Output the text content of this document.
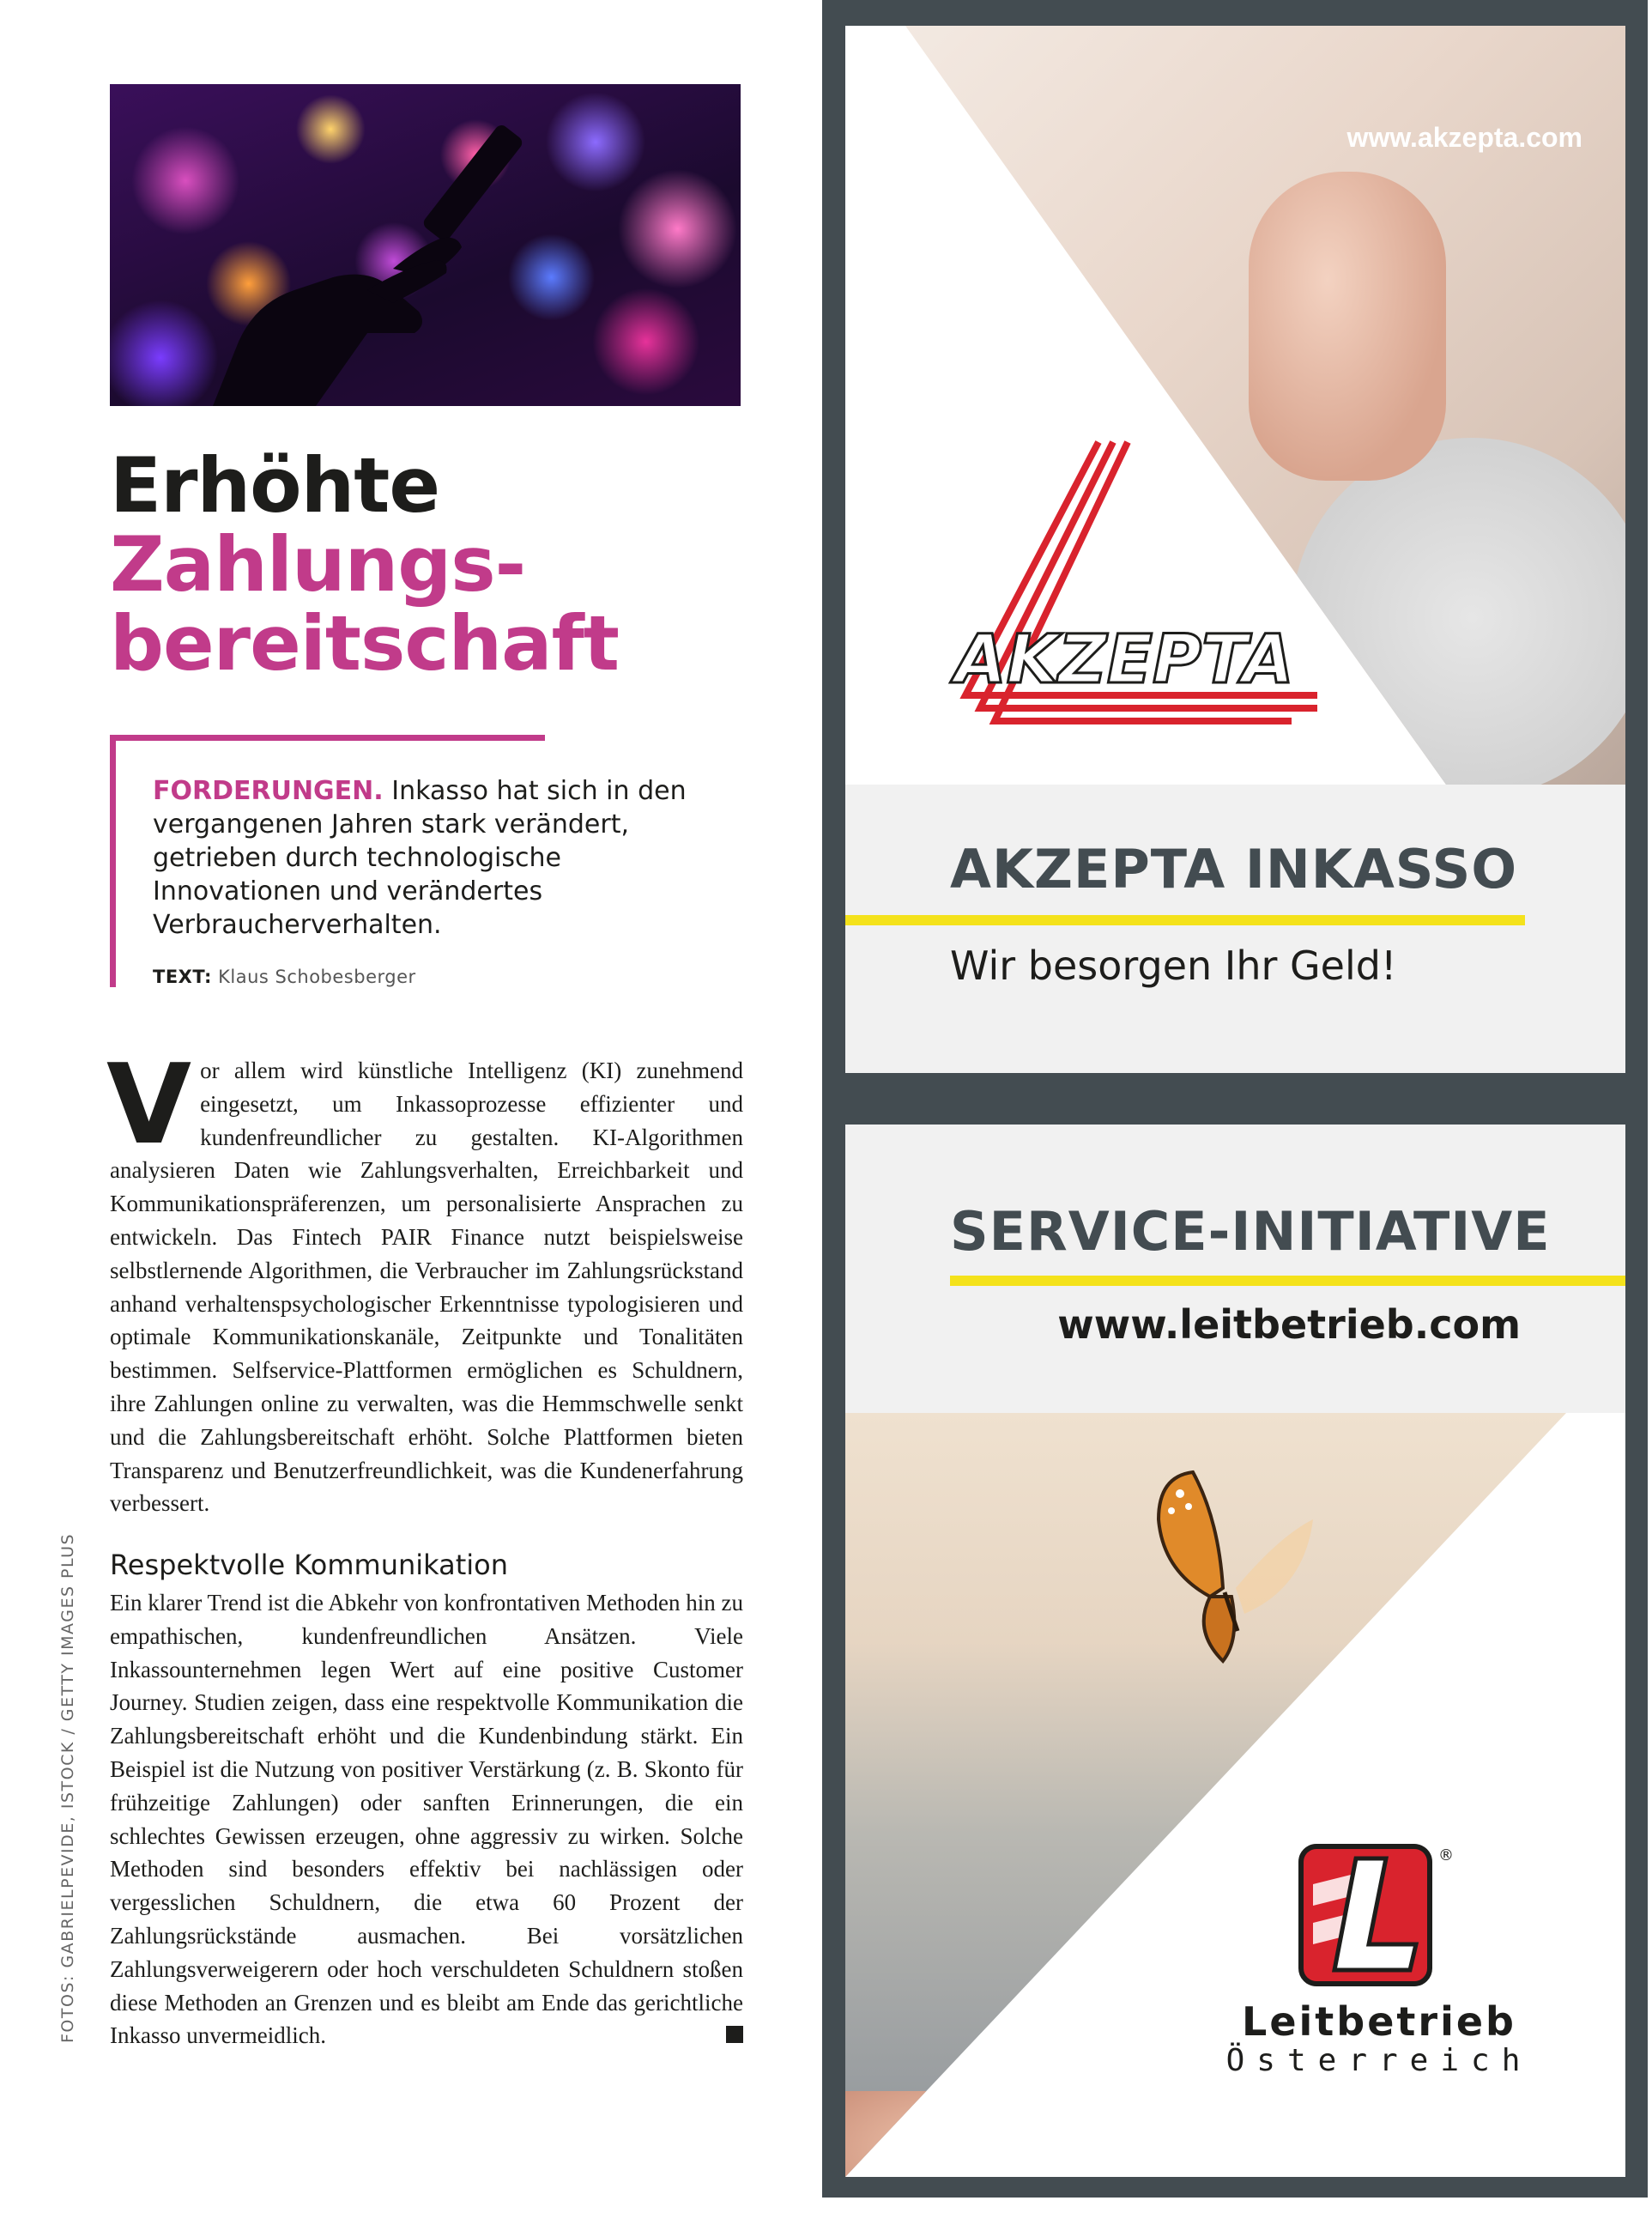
Erhöhte
Zahlungs-
bereitschaft
FORDERUNGEN. Inkasso hat sich in den vergangenen Jahren stark verändert, getrieben durch technologische Innovationen und verändertes Verbraucherverhalten.
TEXT: Klaus Schobesberger
V or allem wird künstliche Intelligenz (KI) zunehmend eingesetzt, um Inkassoprozesse effizienter und kundenfreundlicher zu gestalten. KI-Algorithmen analysieren Daten wie Zahlungsverhalten, Erreichbarkeit und Kommunikationspräferenzen, um personalisierte Ansprachen zu entwickeln. Das Fintech PAIR Finance nutzt beispielsweise selbstlernende Algorithmen, die Verbraucher im Zahlungsrückstand anhand verhaltenspsychologischer Erkenntnisse typologisieren und optimale Kommunikationskanäle, Zeitpunkte und Tonalitäten bestimmen. Selfservice-Plattformen ermöglichen es Schuldnern, ihre Zahlungen online zu verwalten, was die Hemmschwelle senkt und die Zahlungsbereitschaft erhöht. Solche Plattformen bieten Transparenz und Benutzerfreundlichkeit, was die Kundenerfahrung verbessert.
Respektvolle Kommunikation
Ein klarer Trend ist die Abkehr von konfrontativen Methoden hin zu empathischen, kundenfreundlichen Ansätzen. Viele Inkassounternehmen legen Wert auf eine positive Customer Journey. Studien zeigen, dass eine respektvolle Kommunikation die Zahlungsbereitschaft erhöht und die Kundenbindung stärkt. Ein Beispiel ist die Nutzung von positiver Verstärkung (z. B. Skonto für frühzeitige Zahlungen) oder sanften Erinnerungen, die ein schlechtes Gewissen erzeugen, ohne aggressiv zu wirken. Solche Methoden sind besonders effektiv bei nachlässigen oder vergesslichen Schuldnern, die etwa 60 Prozent der Zahlungsrückstände ausmachen. Bei vorsätzlichen Zahlungsverweigerern oder hoch verschuldeten Schuldnern stoßen diese Methoden an Grenzen und es bleibt am Ende das gerichtliche Inkasso unvermeidlich.
FOTOS: GABRIELPEVIDE, ISTOCK / GETTY IMAGES PLUS
www.akzepta.com
AKZEPTA
AKZEPTA INKASSO
Wir besorgen Ihr Geld!
SERVICE-INITIATIVE
www.leitbetrieb.com
®
Leitbetrieb
Österreich
